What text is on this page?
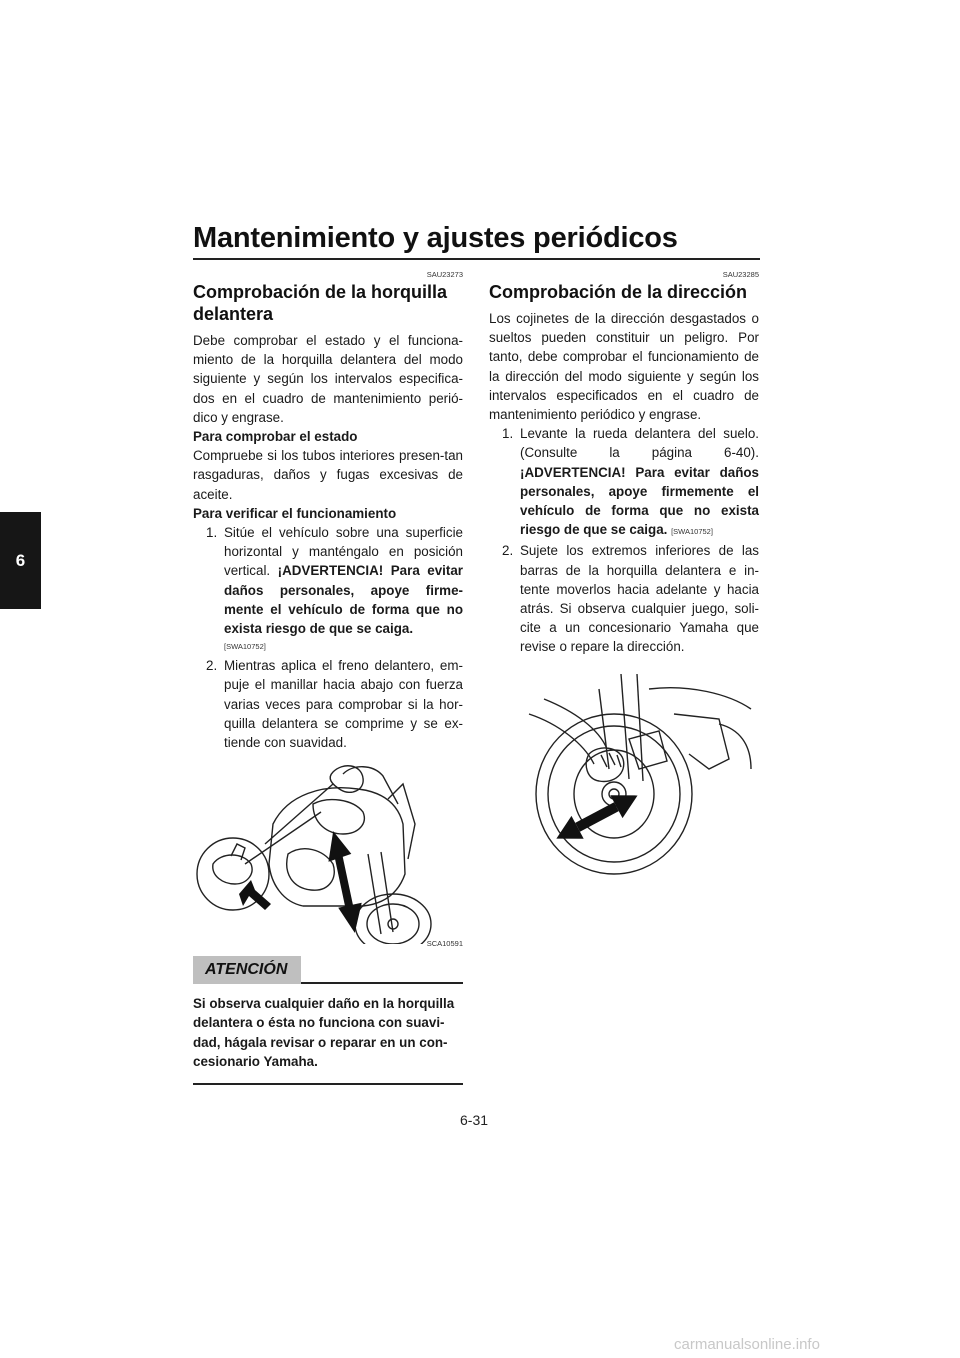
Mantenimiento y ajustes periódicos
6

SAU23273

Comprobación de la horquilla delantera

Debe comprobar el estado y el funciona-miento de la horquilla delantera del modo siguiente y según los intervalos especifica-dos en el cuadro de mantenimiento perió-dico y engrase.

Para comprobar el estado

Compruebe si los tubos interiores presen-tan rasgaduras, daños y fugas excesivas de aceite.

Para verificar el funcionamiento

1. Sitúe el vehículo sobre una superficie horizontal y manténgalo en posición vertical. ¡ADVERTENCIA! Para evitar daños personales, apoye firme-mente el vehículo de forma que no exista riesgo de que se caiga.
[SWA10752]
2. Mientras aplica el freno delantero, em-puje el manillar hacia abajo con fuerza varias veces para comprobar si la hor-quilla delantera se comprime y se ex-tiende con suavidad.
SCA10591
ATENCIÓN

Si observa cualquier daño en la horquilla delantera o ésta no funciona con suavi-dad, hágala revisar o reparar en un con-cesionario Yamaha.

SAU23285

Comprobación de la dirección

Los cojinetes de la dirección desgastados o sueltos pueden constituir un peligro. Por tanto, debe comprobar el funcionamiento de la dirección del modo siguiente y según los intervalos especificados en el cuadro de mantenimiento periódico y engrase.

1. Levante la rueda delantera del suelo. (Consulte la página 6-40). ¡ADVERTENCIA! Para evitar daños personales, apoye firmemente el vehículo de forma que no exista riesgo de que se caiga. [SWA10752]
2. Sujete los extremos inferiores de las barras de la horquilla delantera e in-tente moverlos hacia adelante y hacia atrás. Si observa cualquier juego, soli-cite a un concesionario Yamaha que revise o repare la dirección.
6-31
carmanualsonline.info
